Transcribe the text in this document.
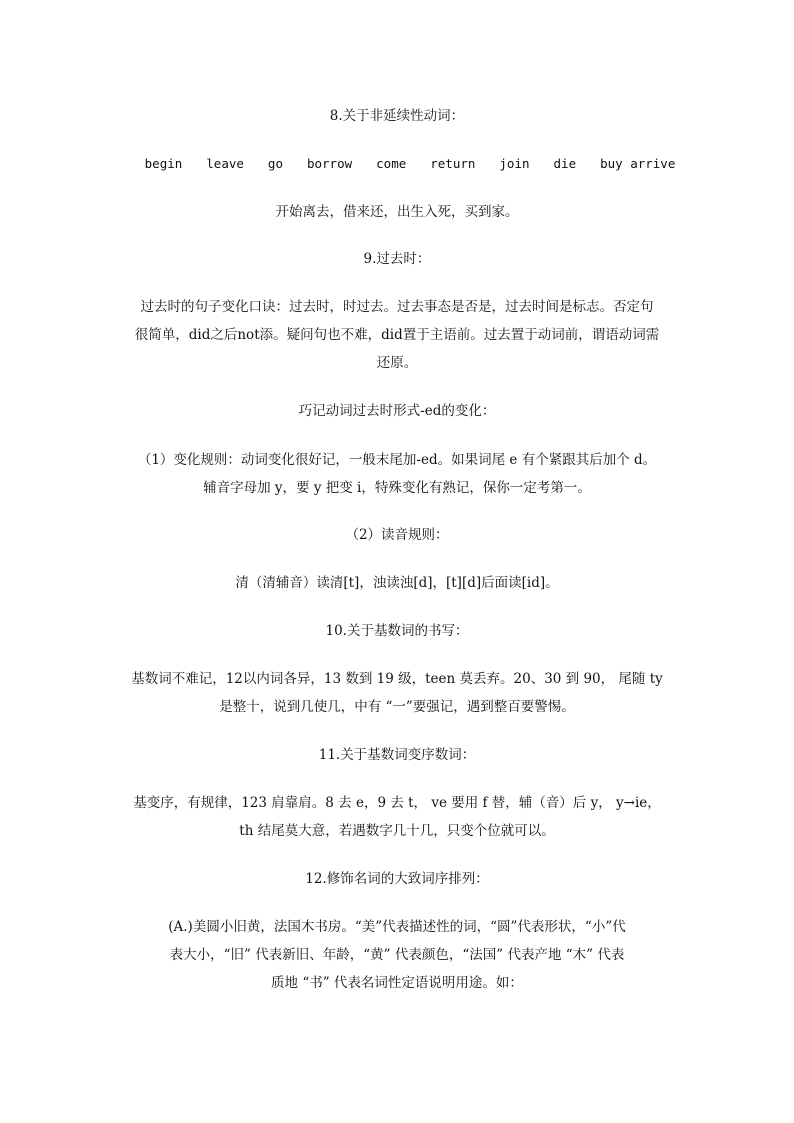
8.关于非延续性动词：
begin leave go borrow come return join die buy arrive
开始离去，借来还，出生入死，买到家。
9.过去时：
过去时的句子变化口诀：过去时，时过去。过去事态是否是，过去时间是标志。否定句
很简单，did之后not添。疑问句也不难，did置于主语前。过去置于动词前，谓语动词需
还原。
巧记动词过去时形式-ed的变化：
（1）变化规则：动词变化很好记，一般末尾加-ed。如果词尾 e 有个紧跟其后加个 d。
辅音字母加 y，要 y 把变 i，特殊变化有熟记，保你一定考第一。
（2）读音规则：
清（清辅音）读清[t]，浊读浊[d]，[t][d]后面读[id]。
10.关于基数词的书写：
基数词不难记，12以内词各异，13 数到 19 级，teen 莫丢弃。20、30 到 90， 尾随 ty
是整十，说到几使几，中有 “一”要强记，遇到整百要警惕。
11.关于基数词变序数词：
基变序，有规律，123 肩靠肩。8 去 e，9 去 t， ve 要用 f 替，辅（音）后 y， y→ie，
th 结尾莫大意，若遇数字几十几，只变个位就可以。
12.修饰名词的大致词序排列：
(A.)美圆小旧黄，法国木书房。“美”代表描述性的词，“圆”代表形状，“小”代
表大小，“旧” 代表新旧、年龄，“黄” 代表颜色，“法国” 代表产地 “木” 代表
质地 “书” 代表名词性定语说明用途。如：
